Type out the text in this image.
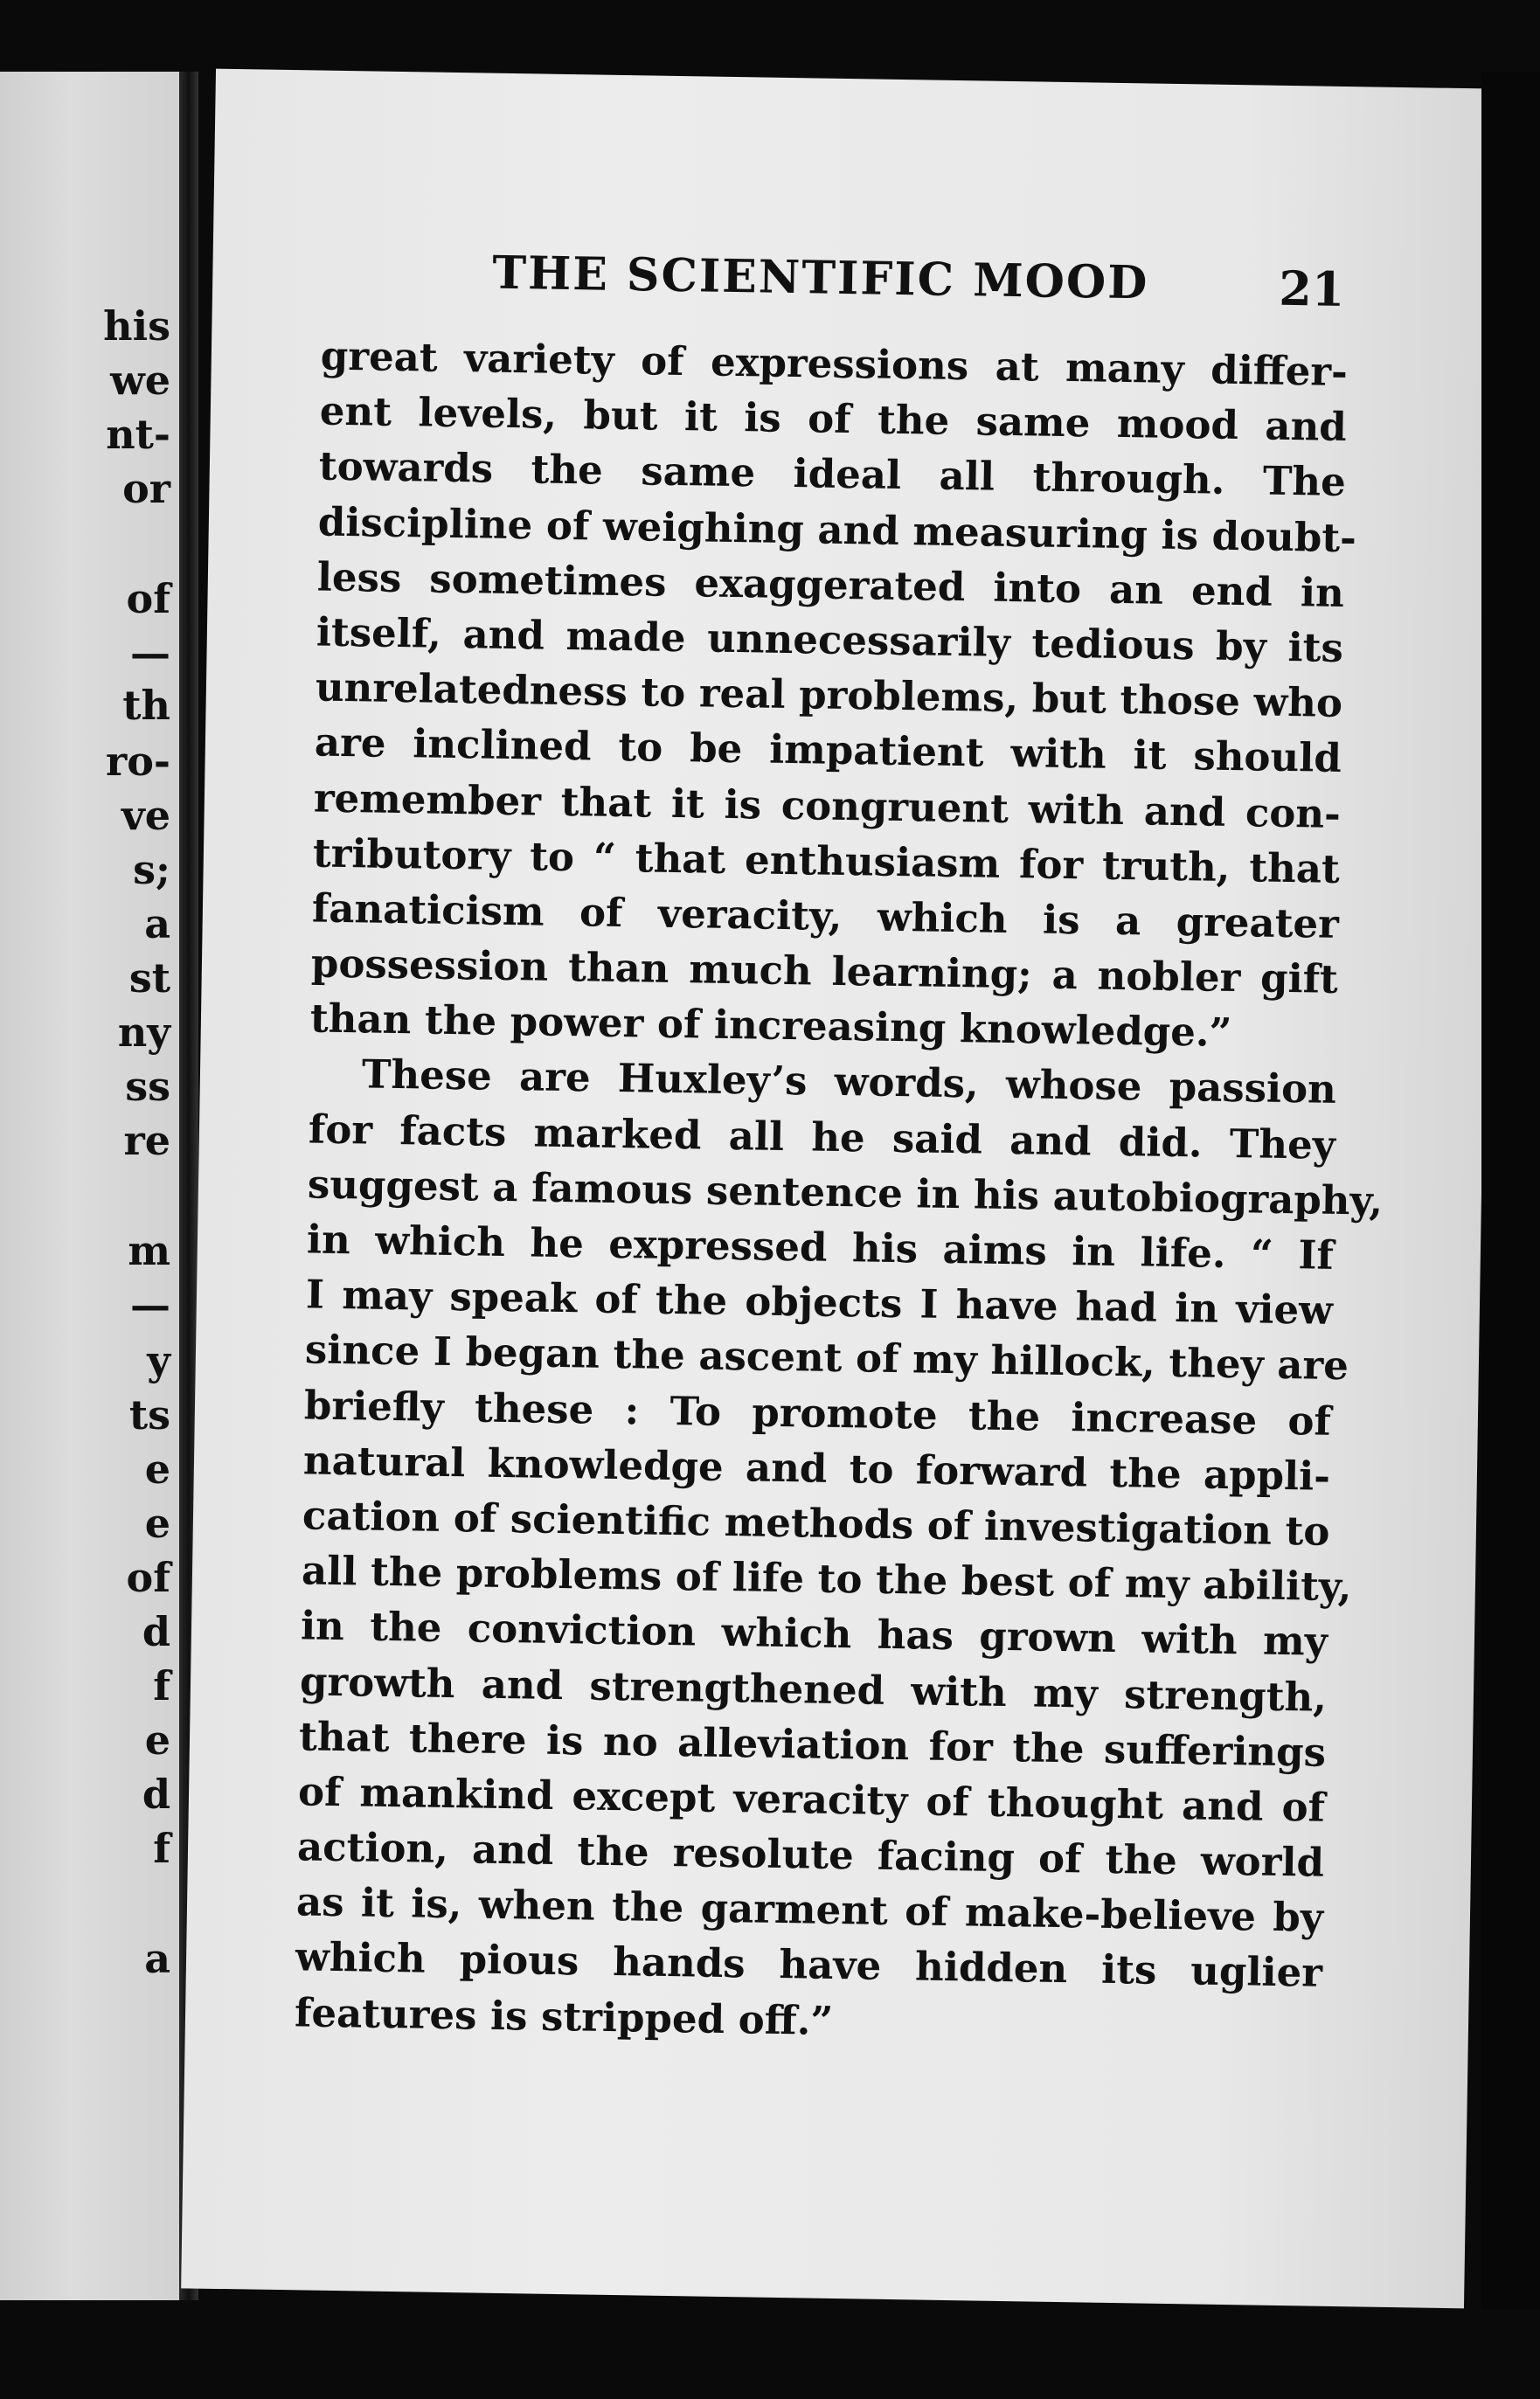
his
we
nt-
or
of
—
th
ro-
ve
s;
a
st
ny
ss
re
m
—
y
ts
e
e
of
d
f
e
d
f
a
THE SCIENTIFIC MOOD	21
great variety of expressions at many differ-
ent levels, but it is of the same mood and
towards the same ideal all through. The
discipline of weighing and measuring is doubt-
less sometimes exaggerated into an end in
itself, and made unnecessarily tedious by its
unrelatedness to real problems, but those who
are inclined to be impatient with it should
remember that it is congruent with and con-
tributory to “ that enthusiasm for truth, that
fanaticism of veracity, which is a greater
possession than much learning; a nobler gift
than the power of increasing knowledge.”
These are Huxley’s words, whose passion
for facts marked all he said and did. They
suggest a famous sentence in his autobiography,
in which he expressed his aims in life. “ If
I may speak of the objects I have had in view
since I began the ascent of my hillock, they are
briefly these : To promote the increase of
natural knowledge and to forward the appli-
cation of scientific methods of investigation to
all the problems of life to the best of my ability,
in the conviction which has grown with my
growth and strengthened with my strength,
that there is no alleviation for the sufferings
of mankind except veracity of thought and of
action, and the resolute facing of the world
as it is, when the garment of make-believe by
which pious hands have hidden its uglier
features is stripped off.”
